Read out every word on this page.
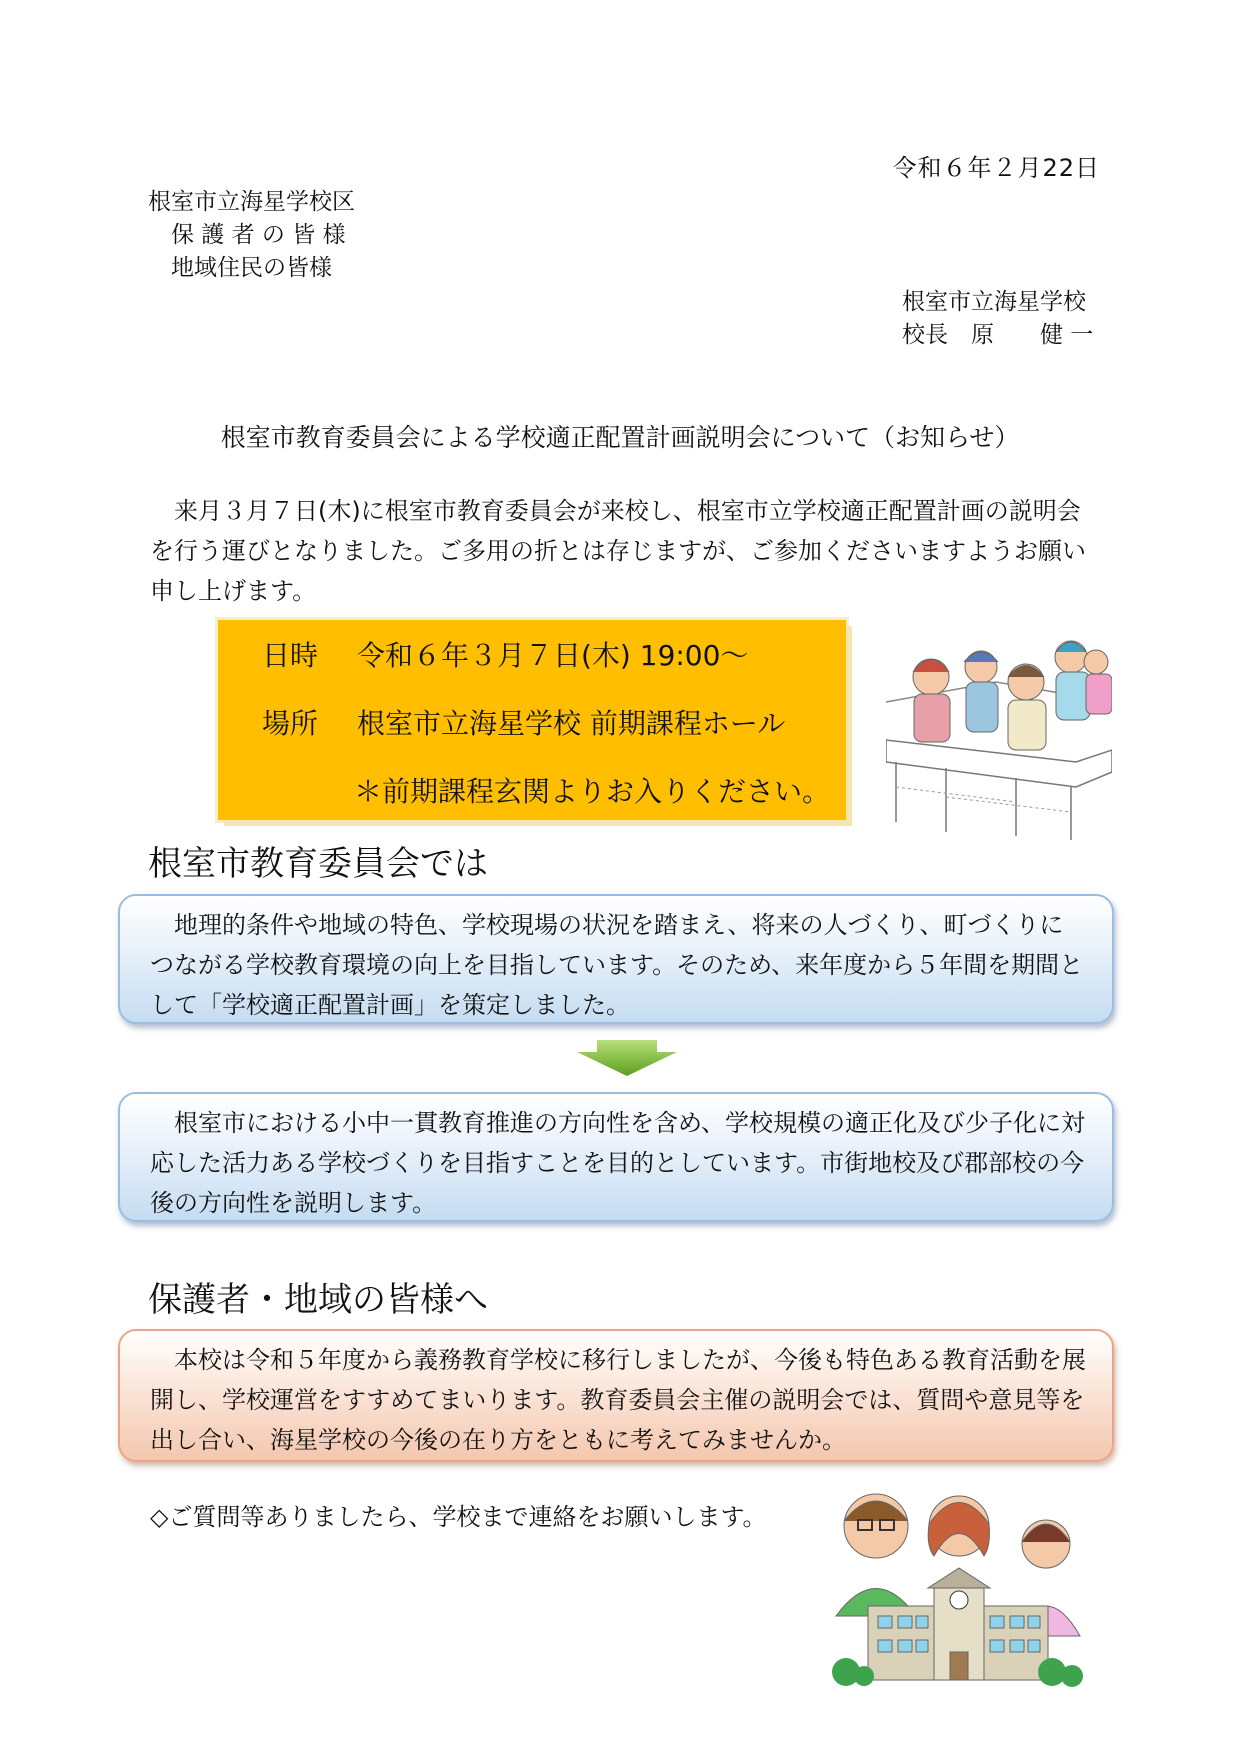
令和６年２月22日
根室市立海星学校区
　保 護 者 の 皆 様
　地域住民の皆様
根室市立海星学校
校長　原　　健 一
根室市教育委員会による学校適正配置計画説明会について（お知らせ）
来月３月７日(木)に根室市教育委員会が来校し、根室市立学校適正配置計画の説明会を行う運びとなりました。ご多用の折とは存じますが、ご参加くださいますようお願い申し上げます。
日時 令和６年３月７日(木) 19:00～
場所 根室市立海星学校 前期課程ホール
＊前期課程玄関よりお入りください。
根室市教育委員会では
地理的条件や地域の特色、学校現場の状況を踏まえ、将来の人づくり、町づくりにつながる学校教育環境の向上を目指しています。そのため、来年度から５年間を期間として「学校適正配置計画」を策定しました。
根室市における小中一貫教育推進の方向性を含め、学校規模の適正化及び少子化に対応した活力ある学校づくりを目指すことを目的としています。市街地校及び郡部校の今後の方向性を説明します。
保護者・地域の皆様へ
本校は令和５年度から義務教育学校に移行しましたが、今後も特色ある教育活動を展開し、学校運営をすすめてまいります。教育委員会主催の説明会では、質問や意見等を出し合い、海星学校の今後の在り方をともに考えてみませんか。
◇ご質問等ありましたら、学校まで連絡をお願いします。
